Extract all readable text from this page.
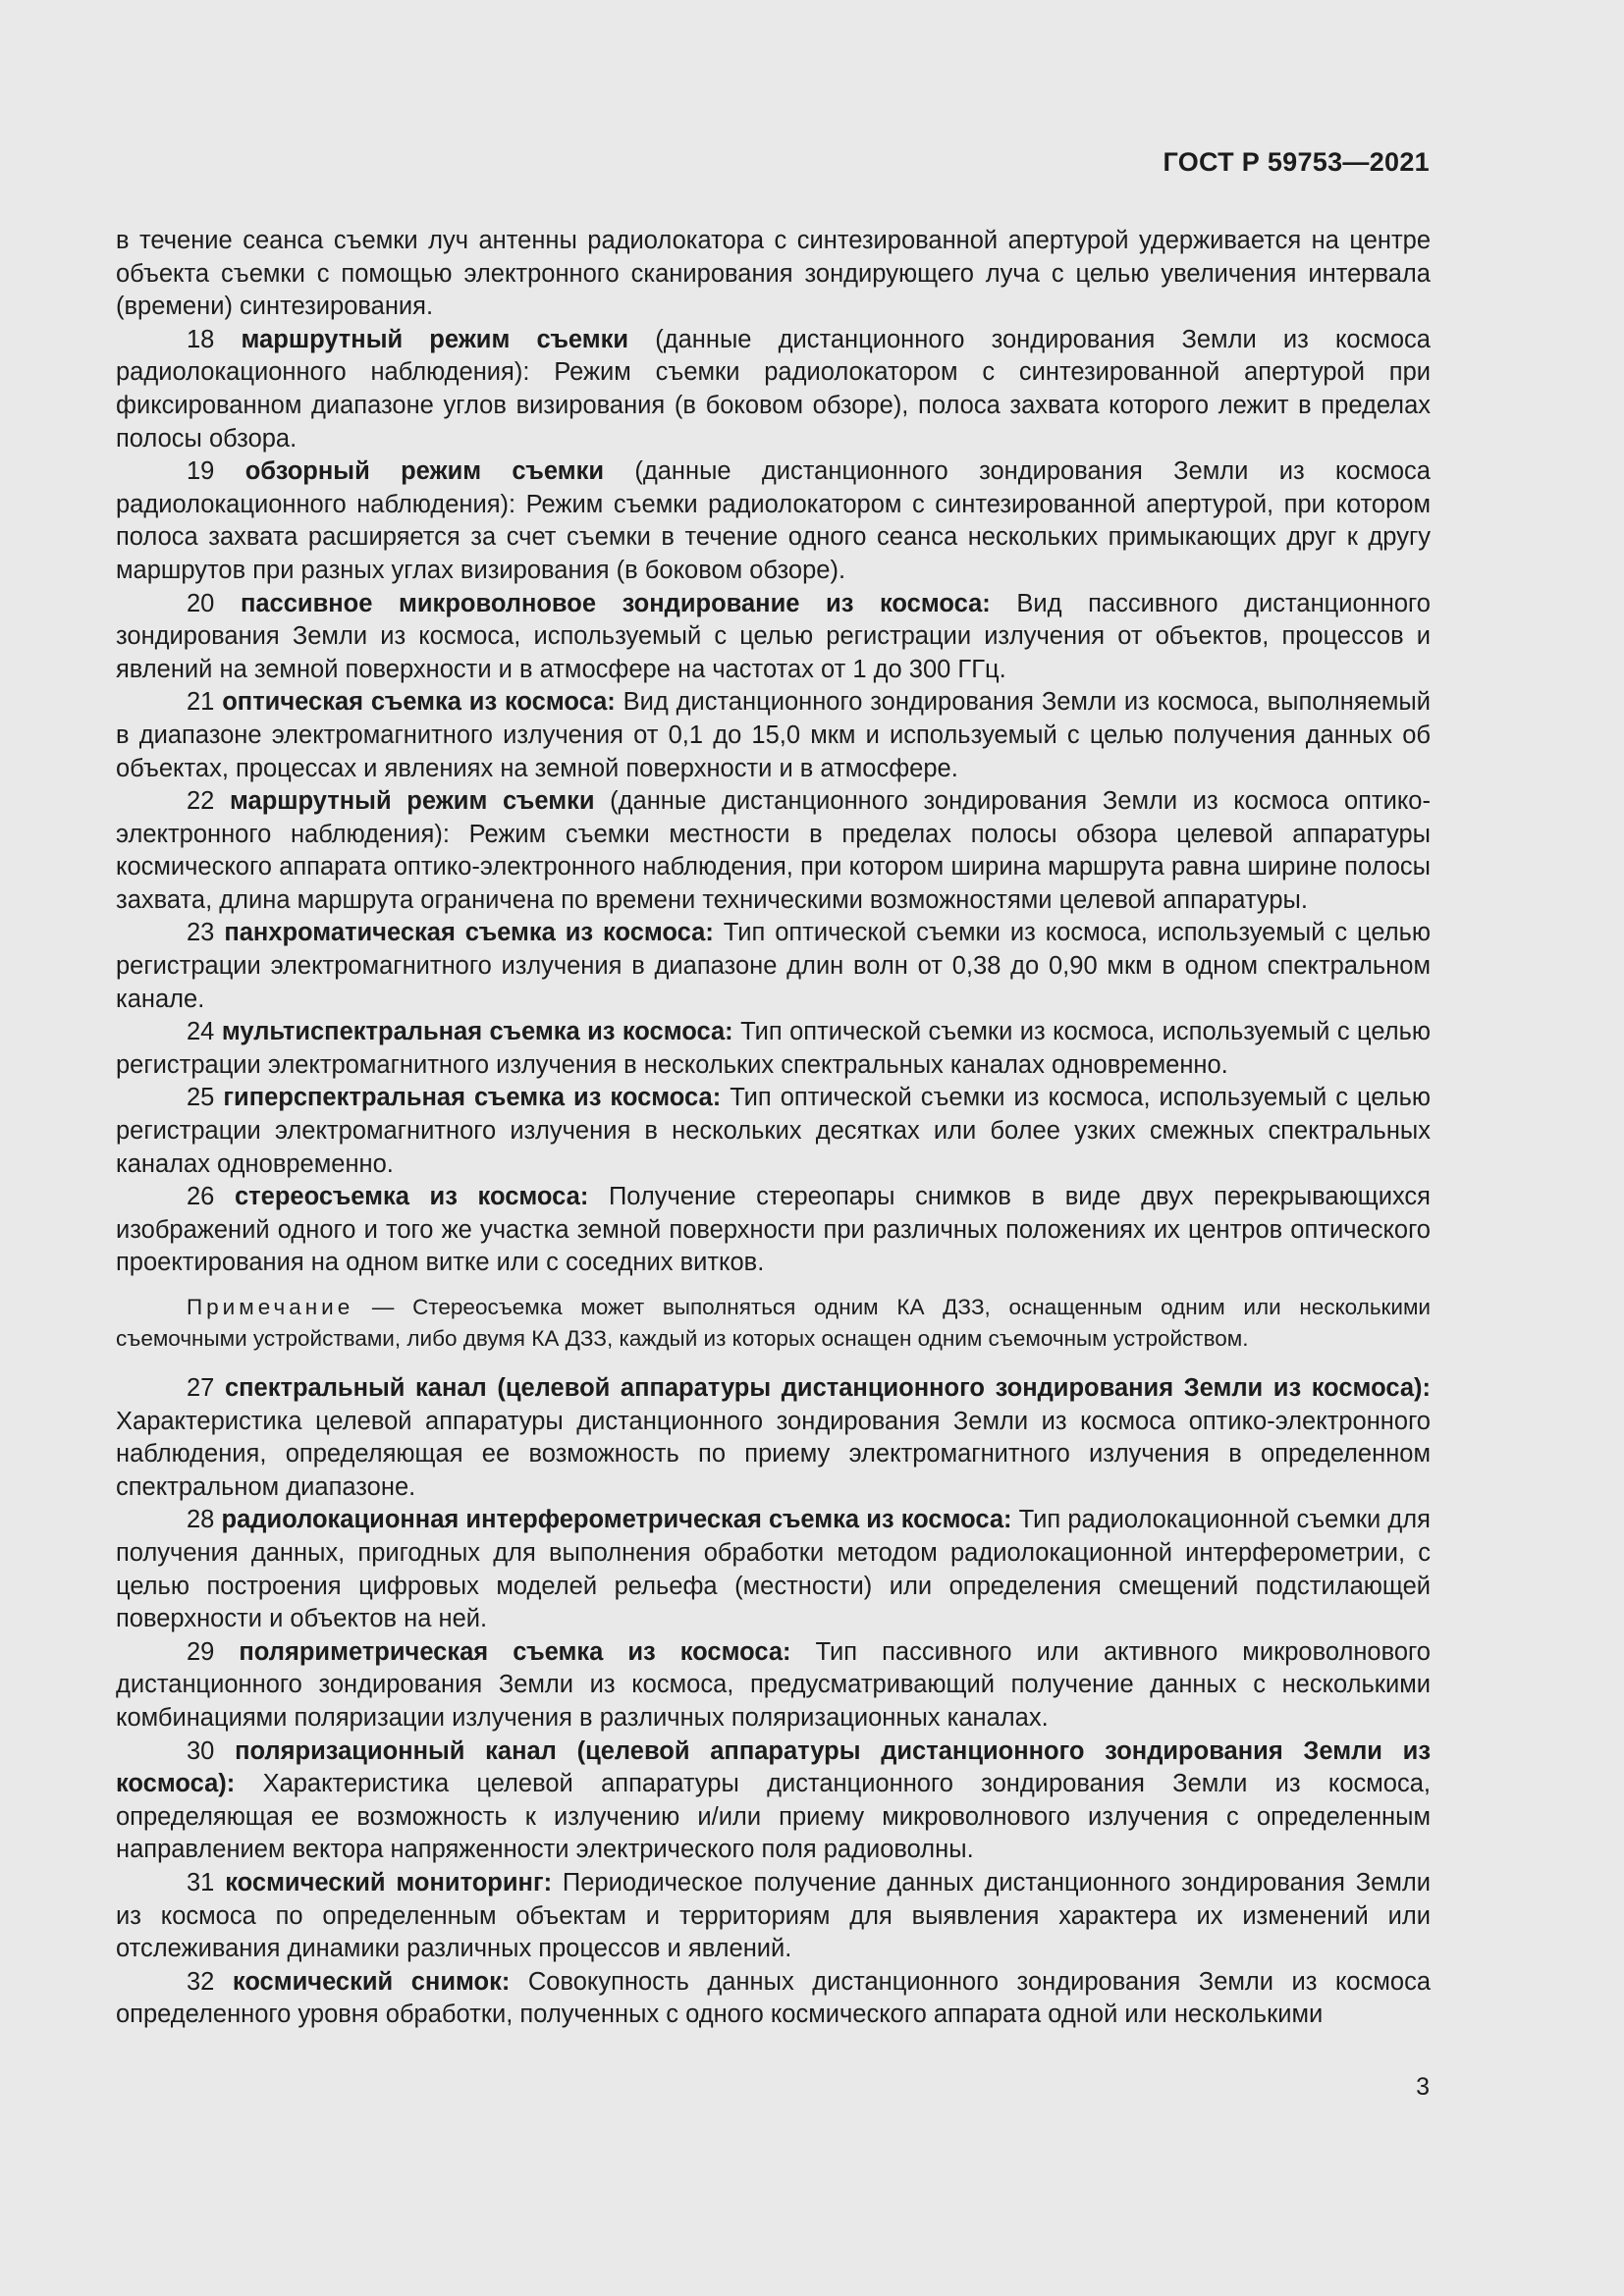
ГОСТ Р 59753—2021

в течение сеанса съемки луч антенны радиолокатора с синтезированной апертурой удерживается на центре объекта съемки с помощью электронного сканирования зондирующего луча с целью увеличения интервала (времени) синтезирования.

18 маршрутный режим съемки (данные дистанционного зондирования Земли из космоса радиолокационного наблюдения): Режим съемки радиолокатором с синтезированной апертурой при фиксированном диапазоне углов визирования (в боковом обзоре), полоса захвата которого лежит в пределах полосы обзора.

19 обзорный режим съемки (данные дистанционного зондирования Земли из космоса радиолокационного наблюдения): Режим съемки радиолокатором с синтезированной апертурой, при котором полоса захвата расширяется за счет съемки в течение одного сеанса нескольких примыкающих друг к другу маршрутов при разных углах визирования (в боковом обзоре).

20 пассивное микроволновое зондирование из космоса: Вид пассивного дистанционного зондирования Земли из космоса, используемый с целью регистрации излучения от объектов, процессов и явлений на земной поверхности и в атмосфере на частотах от 1 до 300 ГГц.

21 оптическая съемка из космоса: Вид дистанционного зондирования Земли из космоса, выполняемый в диапазоне электромагнитного излучения от 0,1 до 15,0 мкм и используемый с целью получения данных об объектах, процессах и явлениях на земной поверхности и в атмосфере.

22 маршрутный режим съемки (данные дистанционного зондирования Земли из космоса оптико-электронного наблюдения): Режим съемки местности в пределах полосы обзора целевой аппаратуры космического аппарата оптико-электронного наблюдения, при котором ширина маршрута равна ширине полосы захвата, длина маршрута ограничена по времени техническими возможностями целевой аппаратуры.

23 панхроматическая съемка из космоса: Тип оптической съемки из космоса, используемый с целью регистрации электромагнитного излучения в диапазоне длин волн от 0,38 до 0,90 мкм в одном спектральном канале.

24 мультиспектральная съемка из космоса: Тип оптической съемки из космоса, используемый с целью регистрации электромагнитного излучения в нескольких спектральных каналах одновременно.

25 гиперспектральная съемка из космоса: Тип оптической съемки из космоса, используемый с целью регистрации электромагнитного излучения в нескольких десятках или более узких смежных спектральных каналах одновременно.

26 стереосъемка из космоса: Получение стереопары снимков в виде двух перекрывающихся изображений одного и того же участка земной поверхности при различных положениях их центров оптического проектирования на одном витке или с соседних витков.

Примечание — Стереосъемка может выполняться одним КА ДЗЗ, оснащенным одним или несколькими съемочными устройствами, либо двумя КА ДЗЗ, каждый из которых оснащен одним съемочным устройством.

27 спектральный канал (целевой аппаратуры дистанционного зондирования Земли из космоса): Характеристика целевой аппаратуры дистанционного зондирования Земли из космоса оптико-электронного наблюдения, определяющая ее возможность по приему электромагнитного излучения в определенном спектральном диапазоне.

28 радиолокационная интерферометрическая съемка из космоса: Тип радиолокационной съемки для получения данных, пригодных для выполнения обработки методом радиолокационной интерферометрии, с целью построения цифровых моделей рельефа (местности) или определения смещений подстилающей поверхности и объектов на ней.

29 поляриметрическая съемка из космоса: Тип пассивного или активного микроволнового дистанционного зондирования Земли из космоса, предусматривающий получение данных с несколькими комбинациями поляризации излучения в различных поляризационных каналах.

30 поляризационный канал (целевой аппаратуры дистанционного зондирования Земли из космоса): Характеристика целевой аппаратуры дистанционного зондирования Земли из космоса, определяющая ее возможность к излучению и/или приему микроволнового излучения с определенным направлением вектора напряженности электрического поля радиоволны.

31 космический мониторинг: Периодическое получение данных дистанционного зондирования Земли из космоса по определенным объектам и территориям для выявления характера их изменений или отслеживания динамики различных процессов и явлений.

32 космический снимок: Совокупность данных дистанционного зондирования Земли из космоса определенного уровня обработки, полученных с одного космического аппарата одной или несколькими

3
